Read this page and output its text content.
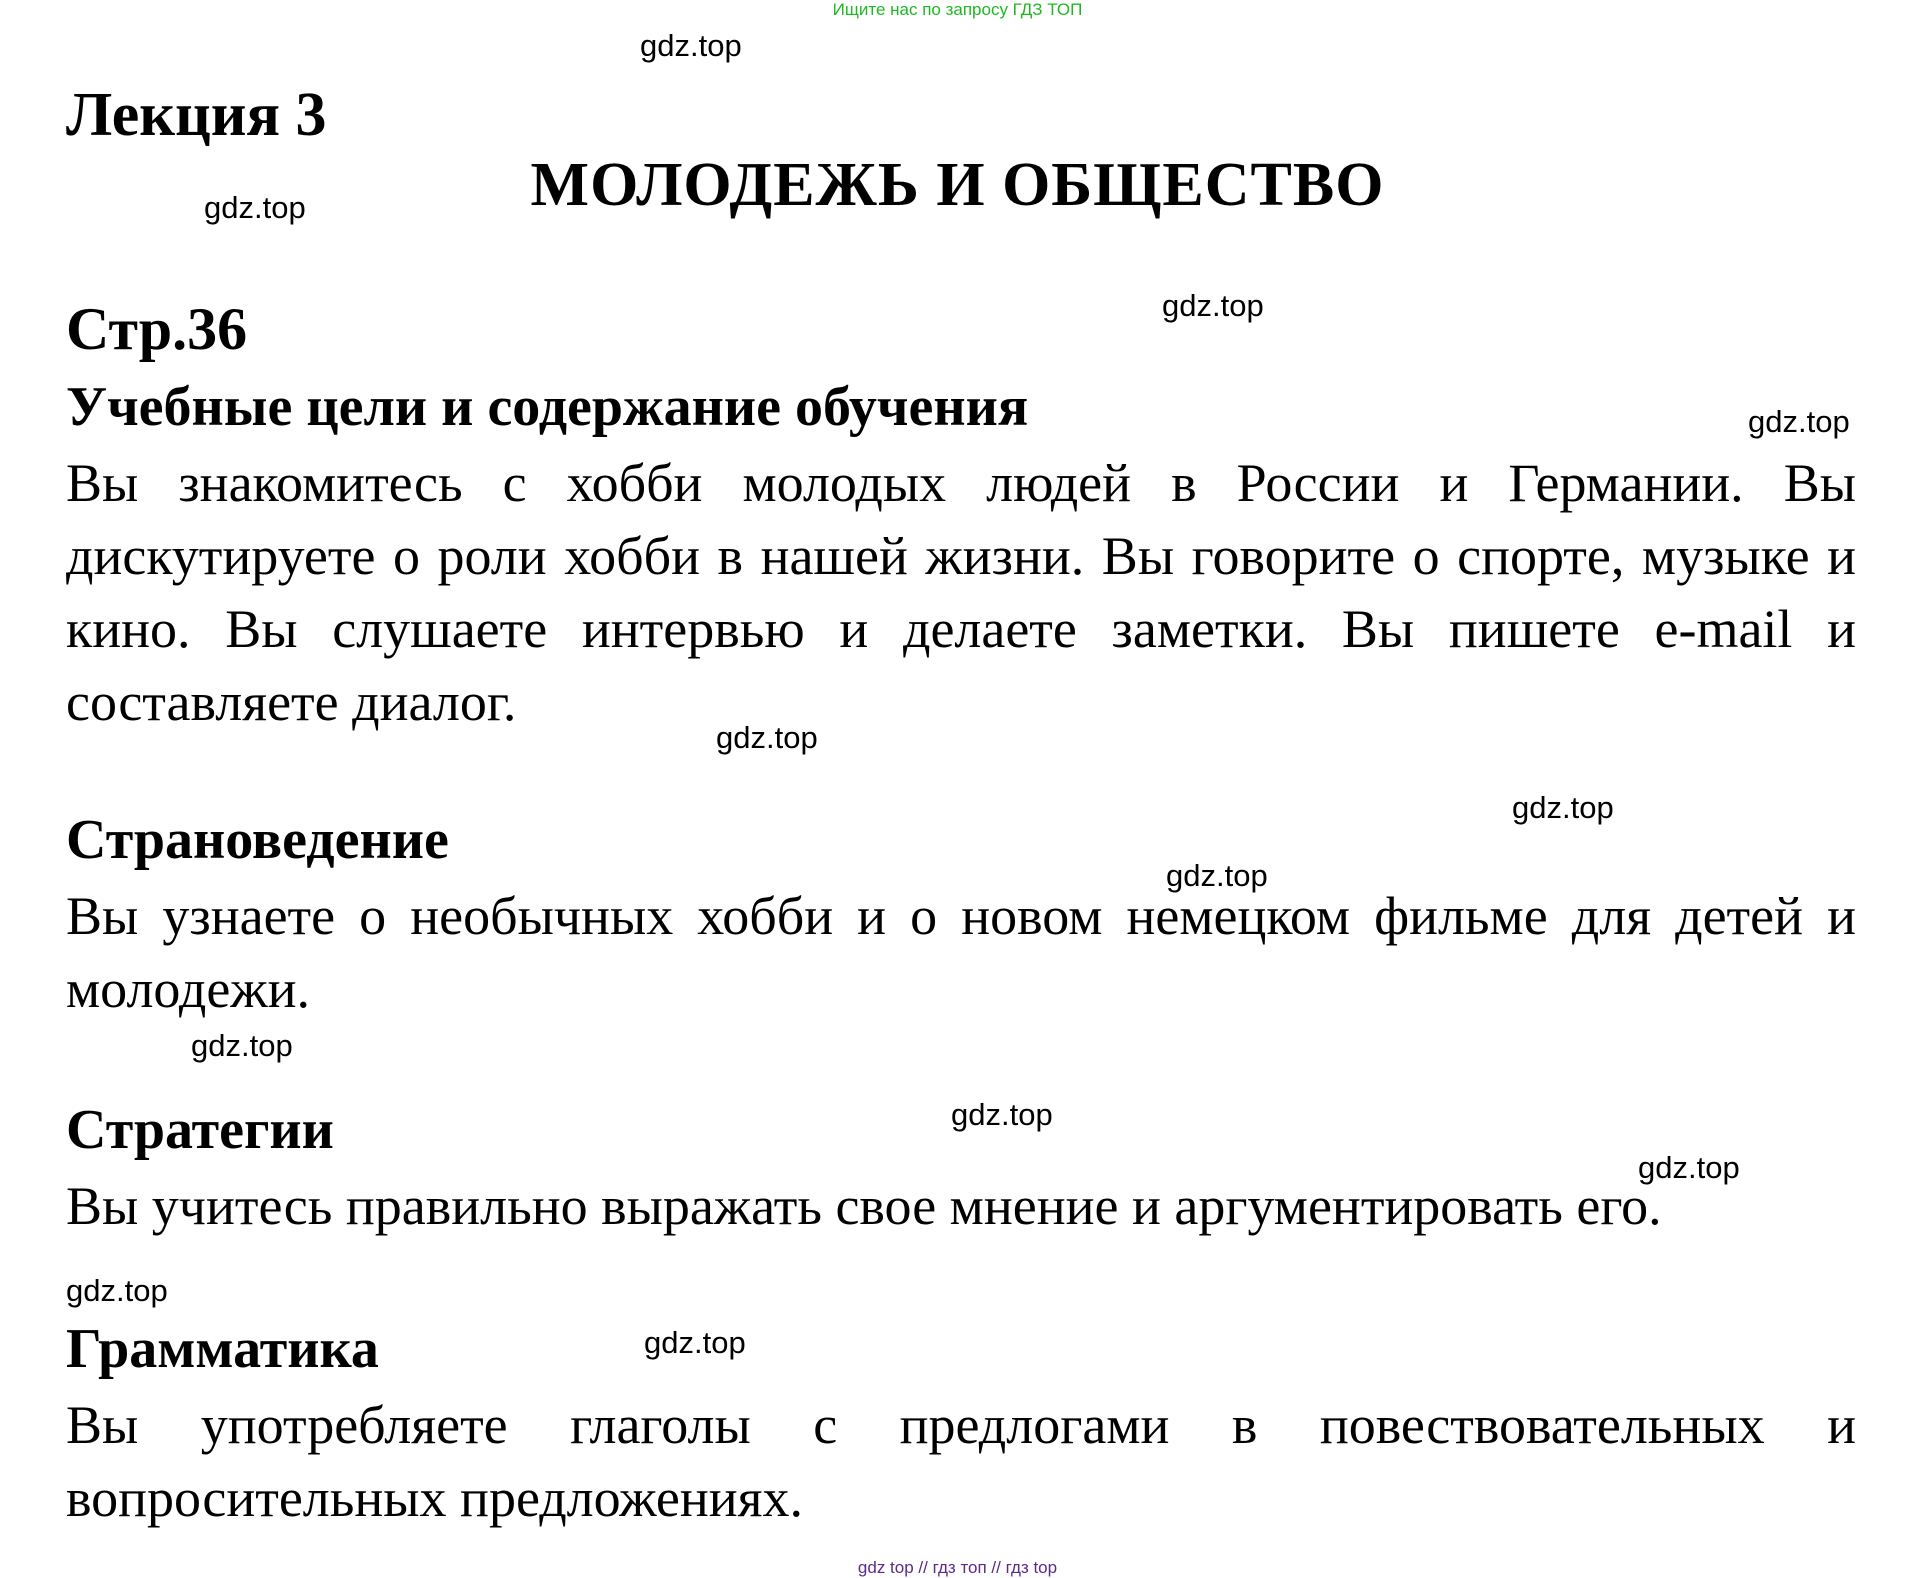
Ищите нас по запросу ГДЗ ТОП
gdz.top
gdz.top
gdz.top
gdz.top
gdz.top
gdz.top
gdz.top
gdz.top
gdz.top
gdz.top
gdz.top
gdz.top
Лекция 3
МОЛОДЕЖЬ И ОБЩЕСТВО
Стр.36
Учебные цели и содержание обучения
Вы знакомитесь с хобби молодых людей в России и Германии. Вы дискутируете о роли хобби в нашей жизни. Вы говорите о спорте, музыке и кино. Вы слушаете интервью и делаете заметки. Вы пишете e-mail и составляете диалог.
Страноведение
Вы узнаете о необычных хобби и о новом немецком фильме для детей и молодежи.
Стратегии
Вы учитесь правильно выражать свое мнение и аргументировать его.
Грамматика
Вы употребляете глаголы с предлогами в повествовательных и вопросительных предложениях.
gdz top // гдз топ // гдз top
